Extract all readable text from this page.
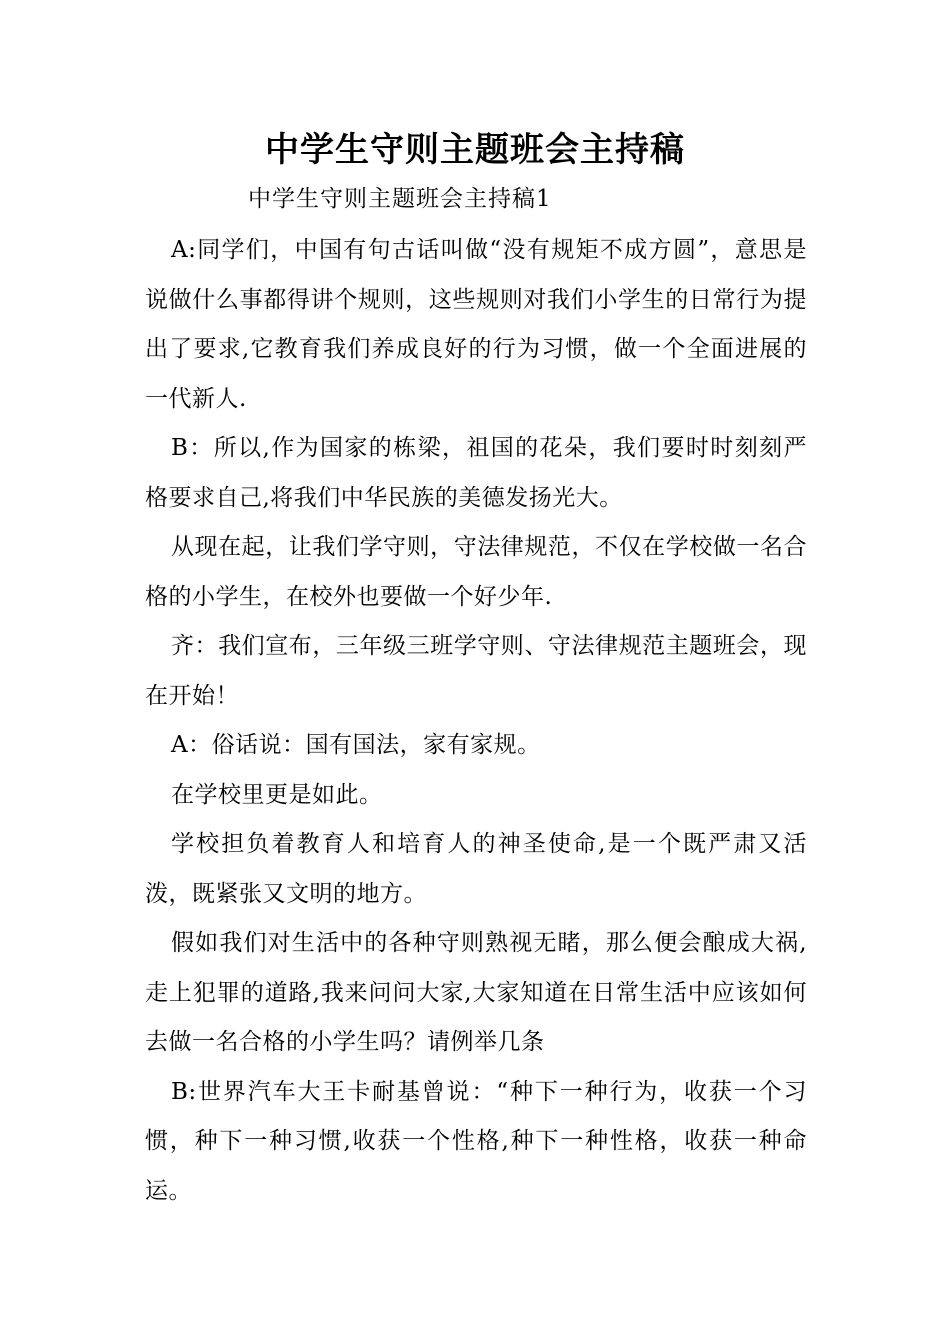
中学生守则主题班会主持稿
中学生守则主题班会主持稿1

A:同学们，中国有句古话叫做“没有规矩不成方圆”，意思是说做什么事都得讲个规则，这些规则对我们小学生的日常行为提出了要求,它教育我们养成良好的行为习惯，做一个全面进展的一代新人.

B：所以,作为国家的栋梁，祖国的花朵，我们要时时刻刻严格要求自己,将我们中华民族的美德发扬光大。

从现在起，让我们学守则，守法律规范，不仅在学校做一名合格的小学生，在校外也要做一个好少年.

齐：我们宣布，三年级三班学守则、守法律规范主题班会，现在开始！

A：俗话说：国有国法，家有家规。

在学校里更是如此。

学校担负着教育人和培育人的神圣使命,是一个既严肃又活泼，既紧张又文明的地方。

假如我们对生活中的各种守则熟视无睹，那么便会酿成大祸,走上犯罪的道路,我来问问大家,大家知道在日常生活中应该如何去做一名合格的小学生吗？请例举几条

B:世界汽车大王卡耐基曾说：“种下一种行为，收获一个习惯，种下一种习惯,收获一个性格,种下一种性格，收获一种命运。
